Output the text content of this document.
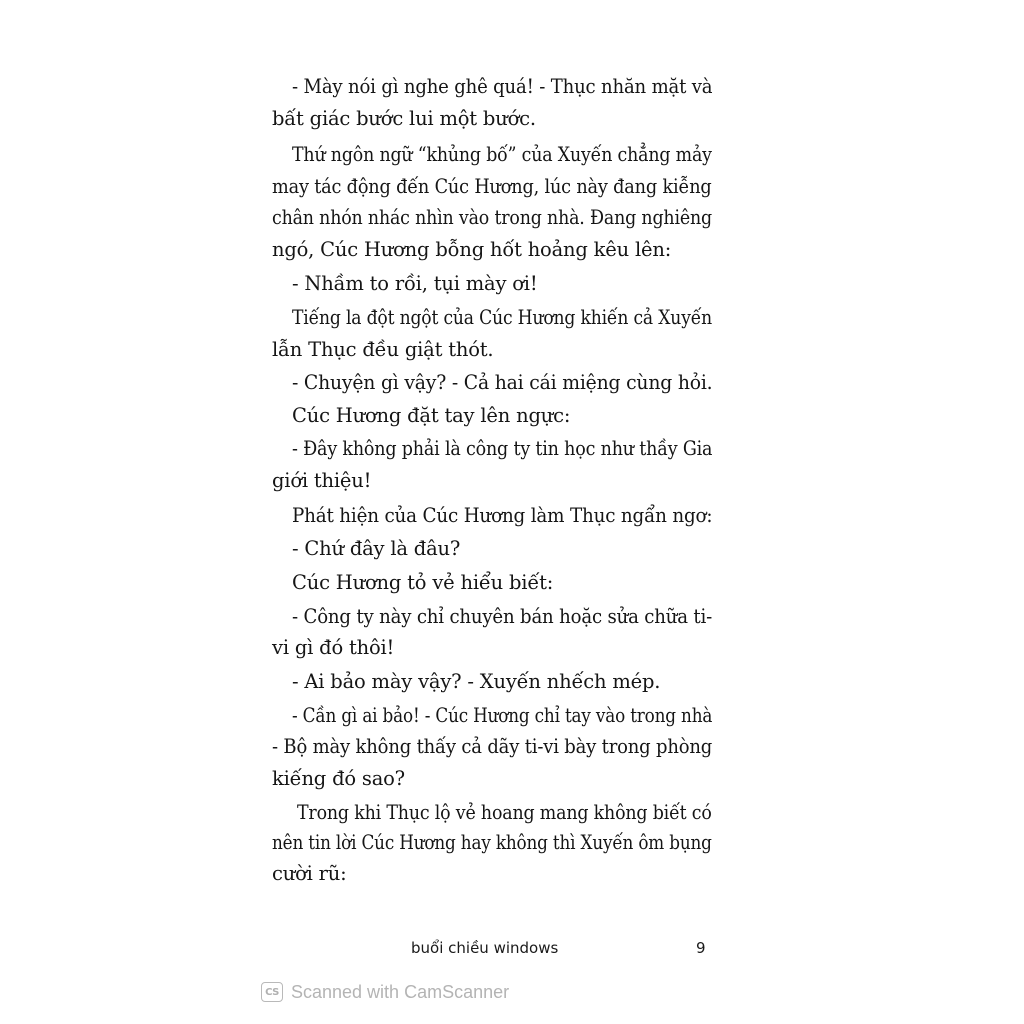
- Mày nói gì nghe ghê quá! - Thục nhăn mặt và
bất giác bước lui một bước.
Thứ ngôn ngữ “khủng bố” của Xuyến chẳng mảy
may tác động đến Cúc Hương, lúc này đang kiễng
chân nhón nhác nhìn vào trong nhà. Đang nghiêng
ngó, Cúc Hương bỗng hốt hoảng kêu lên:
- Nhầm to rồi, tụi mày ơi!
Tiếng la đột ngột của Cúc Hương khiến cả Xuyến
lẫn Thục đều giật thót.
- Chuyện gì vậy? - Cả hai cái miệng cùng hỏi.
Cúc Hương đặt tay lên ngực:
- Đây không phải là công ty tin học như thầy Gia
giới thiệu!
Phát hiện của Cúc Hương làm Thục ngẩn ngơ:
- Chứ đây là đâu?
Cúc Hương tỏ vẻ hiểu biết:
- Công ty này chỉ chuyên bán hoặc sửa chữa ti-
vi gì đó thôi!
- Ai bảo mày vậy? - Xuyến nhếch mép.
- Cần gì ai bảo! - Cúc Hương chỉ tay vào trong nhà
- Bộ mày không thấy cả dãy ti-vi bày trong phòng
kiếng đó sao?
Trong khi Thục lộ vẻ hoang mang không biết có
nên tin lời Cúc Hương hay không thì Xuyến ôm bụng
cười rũ:
buổi chiều windows	9
CS Scanned with CamScanner
